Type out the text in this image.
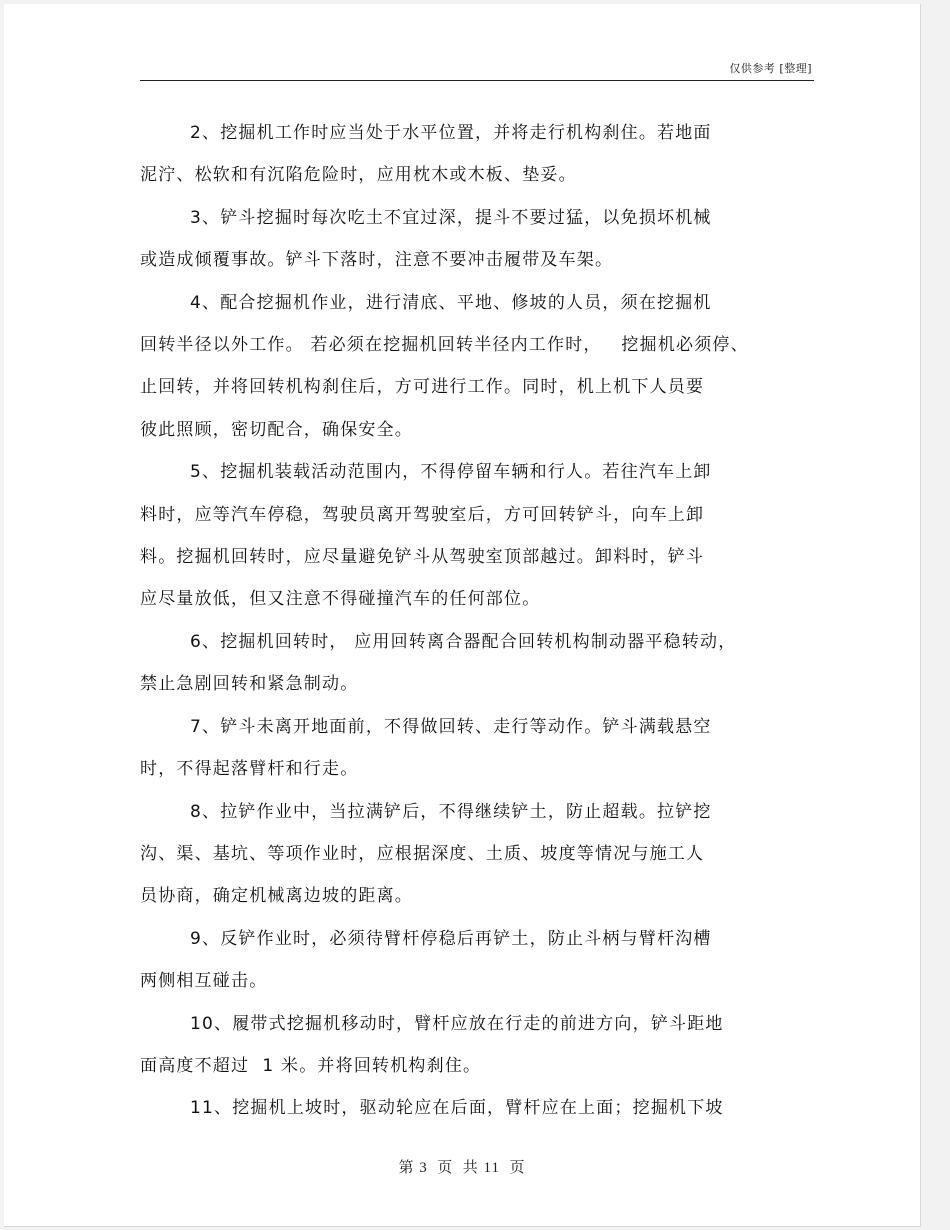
仅供参考 [整理]

2、挖掘机工作时应当处于水平位置，并将走行机构刹住。若地面
泥泞、松软和有沉陷危险时，应用枕木或木板、垫妥。

3、铲斗挖掘时每次吃土不宜过深，提斗不要过猛，以免损坏机械
或造成倾覆事故。铲斗下落时，注意不要冲击履带及车架。

4、配合挖掘机作业，进行清底、平地、修坡的人员，须在挖掘机
回转半径以外工作。 若必须在挖掘机回转半径内工作时，   挖掘机必须停、
止回转，并将回转机构刹住后，方可进行工作。同时，机上机下人员要
彼此照顾，密切配合，确保安全。

5、挖掘机装载活动范围内，不得停留车辆和行人。若往汽车上卸
料时，应等汽车停稳，驾驶员离开驾驶室后，方可回转铲斗，向车上卸
料。挖掘机回转时，应尽量避免铲斗从驾驶室顶部越过。卸料时，铲斗
应尽量放低，但又注意不得碰撞汽车的任何部位。

6、挖掘机回转时， 应用回转离合器配合回转机构制动器平稳转动，
禁止急剧回转和紧急制动。

7、铲斗未离开地面前，不得做回转、走行等动作。铲斗满载悬空
时，不得起落臂杆和行走。

8、拉铲作业中，当拉满铲后，不得继续铲土，防止超载。拉铲挖
沟、渠、基坑、等项作业时，应根据深度、土质、坡度等情况与施工人
员协商，确定机械离边坡的距离。

9、反铲作业时，必须待臂杆停稳后再铲土，防止斗柄与臂杆沟槽
两侧相互碰击。

10、履带式挖掘机移动时，臂杆应放在行走的前进方向，铲斗距地
面高度不超过  1 米。并将回转机构刹住。

11、挖掘机上坡时，驱动轮应在后面，臂杆应在上面；挖掘机下坡

第 3  页  共 11  页
